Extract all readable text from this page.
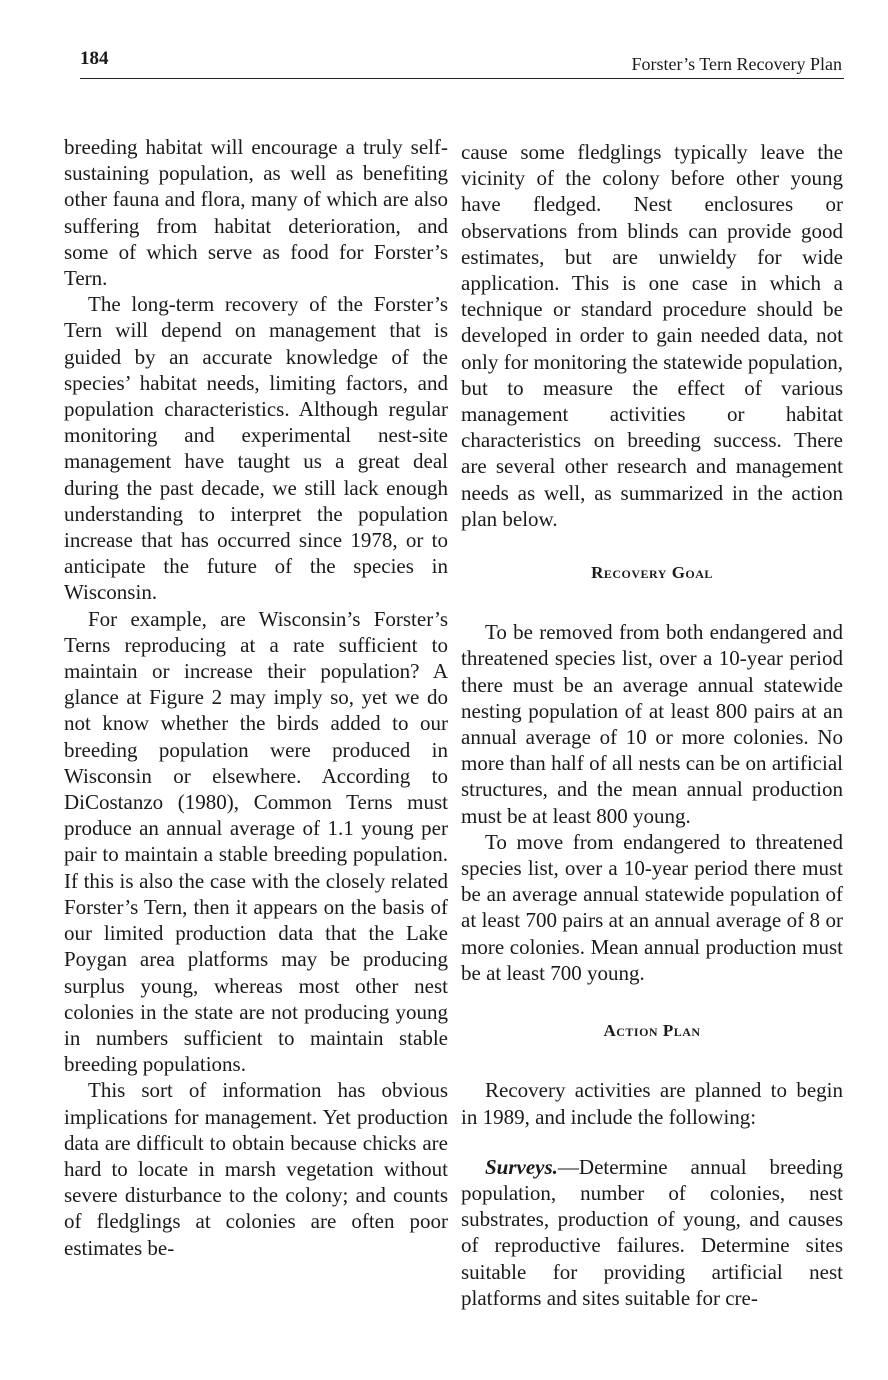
184	Forster’s Tern Recovery Plan

breeding habitat will encourage a truly self-sustaining population, as well as benefiting other fauna and flora, many of which are also suffering from habitat deterioration, and some of which serve as food for Forster’s Tern.

The long-term recovery of the Forster’s Tern will depend on management that is guided by an accurate knowledge of the species’ habitat needs, limiting factors, and population characteristics. Although regular monitoring and experimental nest-site management have taught us a great deal during the past decade, we still lack enough understanding to interpret the population increase that has occurred since 1978, or to anticipate the future of the species in Wisconsin.

For example, are Wisconsin’s Forster’s Terns reproducing at a rate sufficient to maintain or increase their population? A glance at Figure 2 may imply so, yet we do not know whether the birds added to our breeding population were produced in Wisconsin or elsewhere. According to DiCostanzo (1980), Common Terns must produce an annual average of 1.1 young per pair to maintain a stable breeding population. If this is also the case with the closely related Forster’s Tern, then it appears on the basis of our limited production data that the Lake Poygan area platforms may be producing surplus young, whereas most other nest colonies in the state are not producing young in numbers sufficient to maintain stable breeding populations.

This sort of information has obvious implications for management. Yet production data are difficult to obtain because chicks are hard to locate in marsh vegetation without severe disturbance to the colony; and counts of fledglings at colonies are often poor estimates be-

cause some fledglings typically leave the vicinity of the colony before other young have fledged. Nest enclosures or observations from blinds can provide good estimates, but are unwieldy for wide application. This is one case in which a technique or standard procedure should be developed in order to gain needed data, not only for monitoring the statewide population, but to measure the effect of various management activities or habitat characteristics on breeding success. There are several other research and management needs as well, as summarized in the action plan below.

Recovery Goal

To be removed from both endangered and threatened species list, over a 10-year period there must be an average annual statewide nesting population of at least 800 pairs at an annual average of 10 or more colonies. No more than half of all nests can be on artificial structures, and the mean annual production must be at least 800 young.

To move from endangered to threatened species list, over a 10-year period there must be an average annual statewide population of at least 700 pairs at an annual average of 8 or more colonies. Mean annual production must be at least 700 young.

Action Plan

Recovery activities are planned to begin in 1989, and include the following:

Surveys.—Determine annual breeding population, number of colonies, nest substrates, production of young, and causes of reproductive failures. Determine sites suitable for providing artificial nest platforms and sites suitable for cre-
